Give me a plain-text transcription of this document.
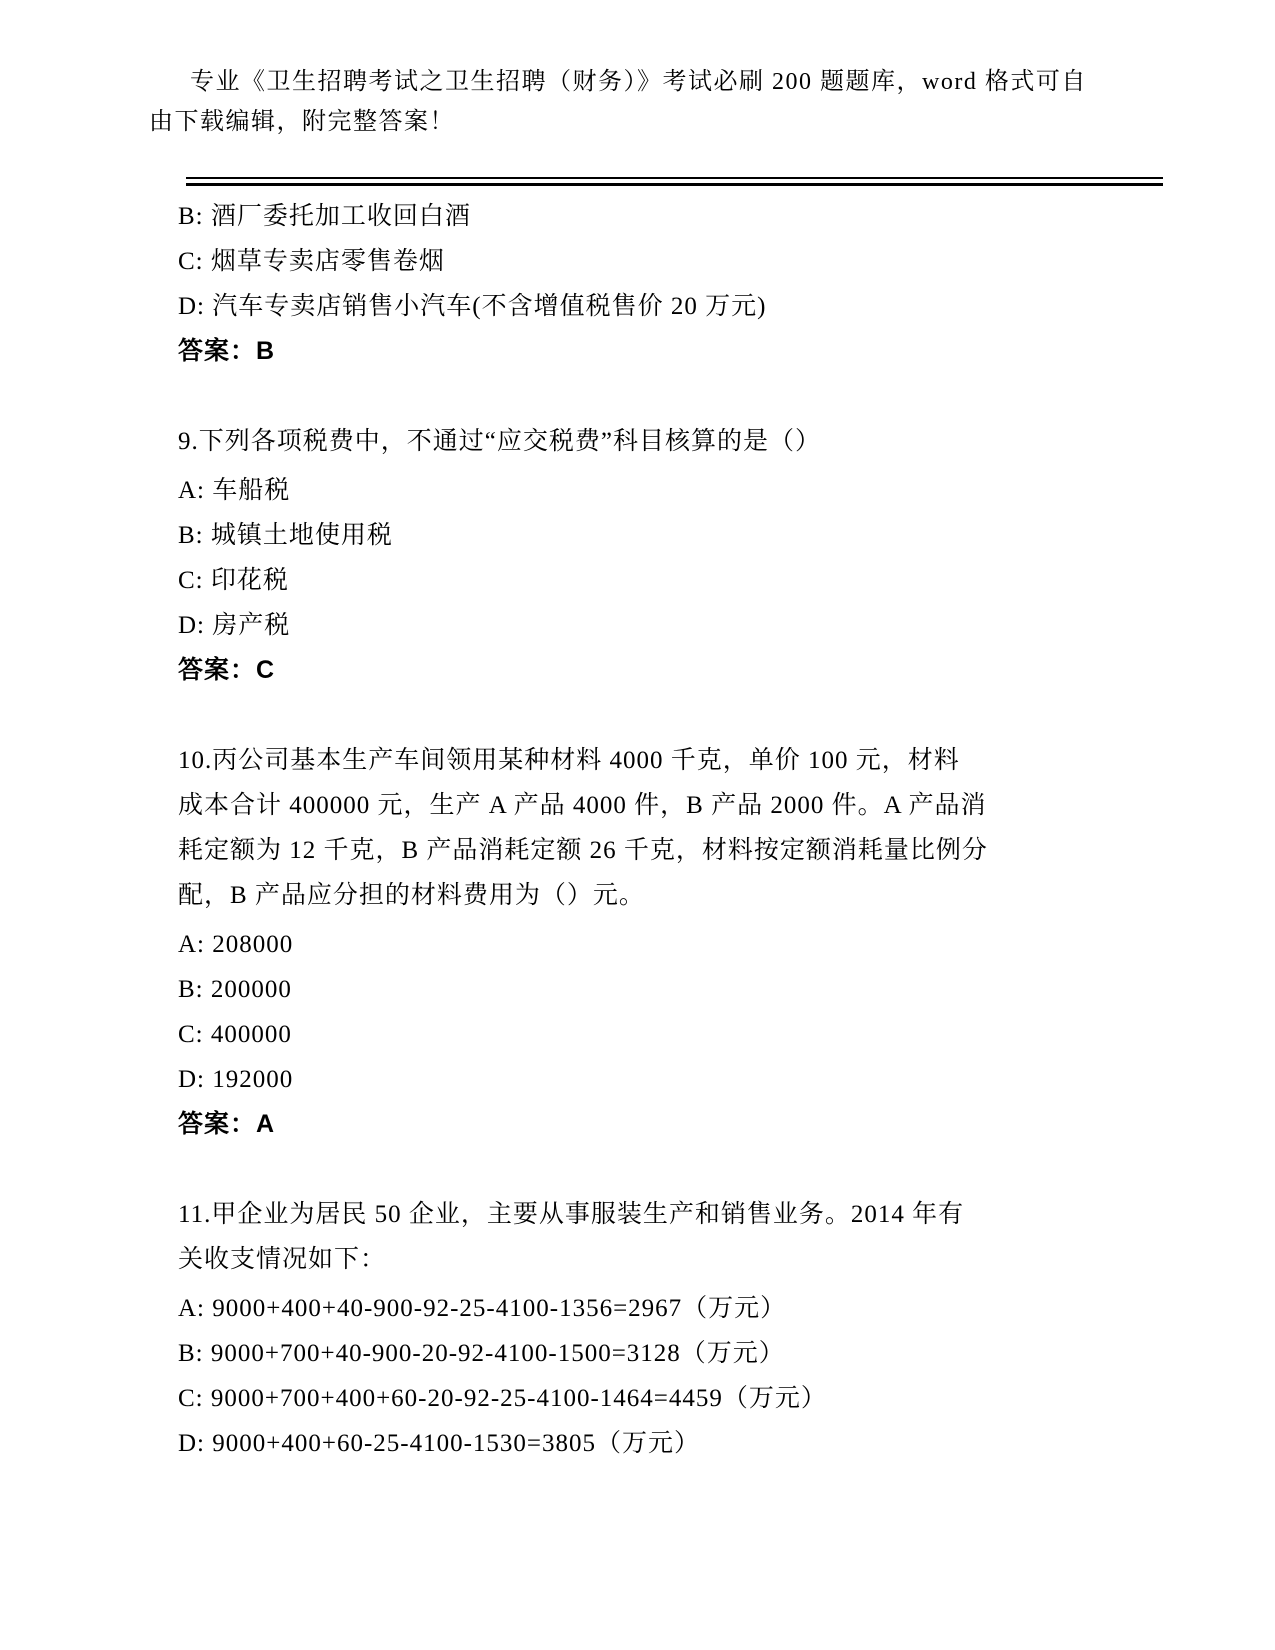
专业《卫生招聘考试之卫生招聘（财务）》考试必刷 200 题题库，word 格式可自
由下载编辑，附完整答案！
B: 酒厂委托加工收回白酒
C: 烟草专卖店零售卷烟
D: 汽车专卖店销售小汽车(不含增值税售价 20 万元)
答案：B
9.下列各项税费中，不通过“应交税费”科目核算的是（）
A: 车船税
B: 城镇土地使用税
C: 印花税
D: 房产税
答案：C
10.丙公司基本生产车间领用某种材料 4000 千克，单价 100 元，材料
成本合计 400000 元，生产 A 产品 4000 件，B 产品 2000 件。A 产品消
耗定额为 12 千克，B 产品消耗定额 26 千克，材料按定额消耗量比例分
配，B 产品应分担的材料费用为（）元。
A: 208000
B: 200000
C: 400000
D: 192000
答案：A
11.甲企业为居民 50 企业，主要从事服装生产和销售业务。2014 年有
关收支情况如下：
A: 9000+400+40-900-92-25-4100-1356=2967（万元）
B: 9000+700+40-900-20-92-4100-1500=3128（万元）
C: 9000+700+400+60-20-92-25-4100-1464=4459（万元）
D: 9000+400+60-25-4100-1530=3805（万元）
